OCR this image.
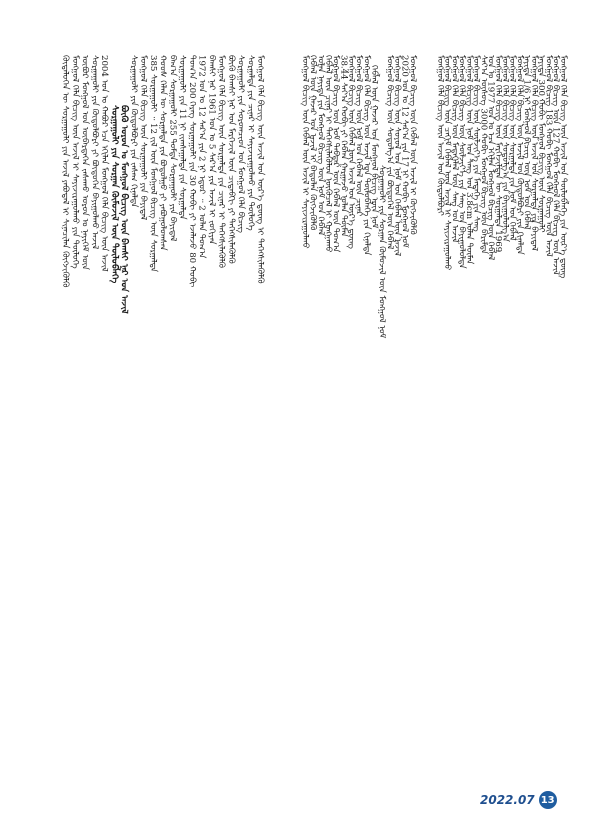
ᠬᠥᠳᠡᠯᠦᠭᠡᠨ ᠦ ᠰᠤᠷᠭᠠᠭᠤᠯᠢ ᠶᠢᠨ ᠠᠵᠢᠯ ᠶᠠᠪᠤᠳᠠᠯ ᠢ ᠰᠢᠨᠡᠴᠢᠯᠡᠨ ᠬᠥᠭᠵᠢᠭᠦᠯᠬᠦ ᠮᠣᠩᠭᠣᠯ ᠬᠡᠯᠡ ᠪᠢᠴᠢᠭ ᠦᠨ ᠠᠵᠢᠯ ᠢ ᠰᠠᠶᠢᠵᠢᠷᠠᠭᠤᠯᠬᠤ ᠶᠢᠨ ᠲᠥᠯᠦᠭᠡ ᠥᠪᠦᠷ ᠮᠣᠩᠭᠣᠯ ᠤᠨ ᠥᠪᠡᠷᠲᠡᠭᠡᠨ ᠵᠠᠰᠠᠬᠤ ᠣᠷᠤᠨ ᠤ ᠨᠡᠶᠢᠭᠡᠮ ᠦᠨ ᠰᠤᠷᠭᠠᠭᠤᠯᠢ ᠶᠢᠨ ᠬᠥᠲᠦᠯᠪᠦᠷᠢ ᠶᠢ ᠪᠦᠲᠦᠭᠡᠨ ᠪᠠᠶᠢᠭᠤᠯᠬᠤ ᠠᠵᠢᠯ 2004 ᠣᠨ ᠤ ᠬᠠᠪᠤᠷ ᠡᠴᠡ ᠡᠬᠢᠯᠡᠨ ᠮᠣᠩᠭᠣᠯ ᠬᠡᠯᠡ ᠪᠢᠴᠢᠭ ᠦᠨ ᠠᠵᠢᠯ ᠰᠤᠷᠭᠠᠭᠤᠯᠢ ᠶᠢᠨ ᠰᠤᠷᠭᠠᠨ ᠬᠥᠮᠦᠵᠢᠯ ᠦᠨ ᠲᠥᠯᠦᠪᠯᠡᠭᠡ ᠪᠦᠬᠦ ᠣᠷᠤᠨ ᠤ ᠮᠣᠩᠭᠣᠯ ᠪᠢᠴᠢᠭ ᠦᠨ ᠪᠠᠭᠰᠢ ᠨᠠᠷ ᠤᠨ ᠠᠵᠢᠯ ᠰᠤᠷᠭᠠᠭᠤᠯᠢ ᠶᠢᠨ ᠬᠥᠲᠦᠯᠪᠦᠷᠢ ᠶᠢᠨ ᠵᠠᠰᠠᠭ ᠬᠢᠨᠠᠯᠲᠠ ᠮᠣᠩᠭᠣᠯ ᠬᠡᠯᠡ ᠪᠢᠴᠢᠭ ᠦᠨ ᠰᠤᠷᠭᠠᠭᠤᠯᠢ ᠶᠢᠨ ᠪᠠᠶᠢᠳᠠᠯ 385 ᠰᠤᠷᠭᠠᠭᠤᠯᠢ ᠃ 12 ᠵᠢᠯ ᠦᠨ ᠮᠣᠩᠭᠣᠯ ᠪᠢᠴᠢᠭ ᠦᠨ ᠰᠤᠷᠭᠠᠯᠲᠠ ᠬᠣᠣᠰ ᠬᠡᠯᠡᠨ ᠦ ᠰᠤᠷᠭᠠᠯᠲᠠ ᠶᠢᠨ ᠪᠣᠳᠣᠯᠭᠣ ᠶᠢ ᠶᠠᠪᠤᠭᠤᠯᠤᠭᠰᠠᠨ ᠪᠠᠭ᠎ᠠ ᠰᠤᠷᠭᠠᠭᠤᠯᠢ 255 ᠳᠤᠮᠳᠠ ᠰᠤᠷᠭᠠᠭᠤᠯᠢ ᠶᠢᠨ ᠪᠠᠶᠢᠳᠠᠯ ᠰᠤᠷᠭᠠᠭᠤᠯᠢ ᠶᠢᠨ 11 ᠨᠢ ᠵᠢᠭᠰᠠᠭᠠᠯᠲᠠ ᠶᠢᠨ ᠰᠤᠷᠭᠠᠯᠲᠠ ᠲᠣᠭ᠎ᠠ 200 ᠬᠡᠷᠡᠭ ᠰᠤᠷᠭᠠᠭᠤᠯᠢ ᠶᠢᠨ 30 ᠬᠤᠪᠢ ᠶᠢ ᠡᠵᠡᠯᠡᠵᠦ 80 ᠬᠤᠪᠢ 1972 ᠣᠨ ᠤ 12 ᠰᠠᠷ᠎ᠠ ᠶᠢᠨ 2 ᠨᠢ ᠡᠳᠦᠷ ᠃ 2 ᠣᠯᠠᠨ ᠲᠣᠭ᠎ᠠ ᠪᠠᠭᠰᠢ ᠨᠠᠷ 1961 ᠣᠨ ᠤ 5 ᠰᠠᠷ᠎ᠠ ᠶᠢᠨ ᠠᠵᠢᠯ ᠢ ᠵᠣᠬᠢᠶᠠᠨ ᠮᠣᠩᠭᠣᠯ ᠬᠡᠯᠡ ᠪᠢᠴᠢᠭ ᠦᠨ ᠰᠤᠷᠭᠠᠯᠲᠠ ᠶᠢᠨ ᠴᠢᠨᠠᠷ ᠢ ᠳᠡᠭᠡᠭᠰᠢᠯᠡᠭᠦᠯᠬᠦ ᠪᠦᠬᠦ ᠪᠠᠭᠰᠢ ᠨᠠᠷ ᠤᠨ ᠮᠡᠷᠭᠡᠵᠢᠯ ᠦᠨ ᠴᠢᠳᠠᠪᠬᠢ ᠶᠢ ᠳᠡᠭᠡᠭᠰᠢᠯᠡᠭᠦᠯᠬᠦ ᠰᠤᠷᠭᠠᠭᠤᠯᠢ ᠶᠢᠨ ᠰᠤᠷᠤᠭᠴᠢᠳ ᠤᠨ ᠮᠣᠩᠭᠣᠯ ᠬᠡᠯᠡ ᠪᠢᠴᠢᠭ ᠰᠤᠷᠭᠠᠯᠲᠠ ᠶᠢᠨ ᠴᠢᠨᠠᠷ ᠢ ᠰᠠᠶᠢᠵᠢᠷᠠᠭᠤᠯᠬᠤ ᠶᠢᠨ ᠲᠥᠯᠦᠭᠡ ᠮᠣᠩᠭᠣᠯ ᠬᠡᠯᠡ ᠪᠢᠴᠢᠭ ᠦᠨ ᠠᠵᠢᠯ ᠤᠨ ᠦᠷ᠎ᠡ ᠳ᠋ᠦᠩ ᠢ ᠳᠡᠭᠡᠭᠰᠢᠯᠡᠭᠦᠯᠬᠦ	ᠮᠣᠩᠭᠣᠯ ᠪᠢᠴᠢᠭ ᠦᠨ ᠬᠡᠪᠯᠡᠯ ᠦᠨ ᠠᠵᠢᠯ ᠢ ᠰᠠᠶᠢᠵᠢᠷᠠᠭᠤᠯᠬᠤ
ᠬᠡᠪᠯᠡᠯ ᠦᠨ ᠭᠠᠵᠠᠷ ᠤᠨ ᠠᠵᠢᠯ ᠢ ᠪᠠᠲᠤᠯᠠᠨ ᠬᠥᠭᠵᠢᠭᠦᠯᠬᠦ
ᠣᠯᠠᠨ ᠨᠡᠶᠢᠲᠡ ᠶᠢᠨ ᠮᠣᠩᠭᠣᠯ ᠪᠢᠴᠢᠭ ᠦᠨ ᠨᠣᠮ ᠤᠨ ᠬᠡᠪᠯᠡᠯ
ᠬᠡᠪᠯᠡᠯ ᠦᠨ ᠴᠢᠨᠠᠷ ᠢ ᠳᠡᠭᠡᠭᠰᠢᠯᠡᠭᠦᠯᠦᠨ ᠨᠥᠭᠦᠴᠡᠯ ᠢ ᠬᠠᠩᠭᠠᠬᠤ
ᠮᠣᠩᠭᠣᠯ ᠪᠢᠴᠢᠭ ᠦᠨ ᠨᠣᠮ ᠳᠡᠪᠲᠡᠷ ᠦᠨ ᠬᠡᠪᠯᠡᠯ ᠦᠨ ᠲᠣᠭ᠎ᠠ
38.44 ᠰᠠᠶ᠎ᠠ ᠬᠤᠪᠢ ᠶᠢ ᠬᠡᠪᠯᠡᠨ ᠭᠠᠷᠭᠠᠵᠤ ᠣᠯᠠᠨ ᠲᠦᠮᠡᠨ
ᠮᠣᠩᠭᠣᠯ ᠪᠢᠴᠢᠭ ᠦᠨ ᠬᠡᠪᠯᠡᠯ ᠦᠨ ᠠᠵᠢᠯ ᠤᠨ ᠦᠷ᠎ᠡ ᠳ᠋ᠦᠩ
ᠮᠣᠩᠭᠣᠯ ᠪᠢᠴᠢᠭ ᠦᠨ ᠨᠣᠮ ᠤᠨ ᠬᠡᠪᠯᠡᠯ ᠦᠨ ᠴᠢᠨᠠᠷ
ᠮᠣᠩᠭᠣᠯ ᠬᠡᠯᠡ ᠪᠢᠴᠢᠭ ᠦᠨ ᠠᠵᠢᠯ ᠤᠨ ᠲᠥᠯᠦᠪᠯᠡᠭᠡ ᠶᠢᠨ ᠬᠢᠨᠠᠯᠲᠠ
ᠬᠡᠪᠯᠡᠯ ᠦᠨ ᠭᠠᠵᠠᠷ ᠤᠨ ᠮᠣᠩᠭᠣᠯ ᠪᠢᠴᠢᠭ ᠦᠨ ᠨᠣᠮ
ᠰᠤᠷᠭᠠᠭᠤᠯᠢ ᠶᠢᠨ ᠰᠤᠷᠭᠠᠨ ᠬᠥᠮᠦᠵᠢᠯ ᠦᠨ ᠮᠣᠩᠭᠣᠯ ᠨᠣᠮ
ᠮᠣᠩᠭᠣᠯ ᠪᠢᠴᠢᠭ ᠦᠨ ᠰᠤᠳᠤᠯᠭ᠎ᠠ ᠶᠢᠨ ᠪᠦᠲᠦᠭᠡᠯ ᠦᠨ ᠬᠡᠪᠯᠡᠯ
ᠮᠣᠩᠭᠣᠯ ᠪᠢᠴᠢᠭ ᠦᠨ ᠰᠣᠶᠣᠯ ᠤᠨ ᠨᠣᠮ ᠤᠨ ᠬᠡᠪᠯᠡᠯ ᠦᠨ ᠠᠵᠢᠯ
2020 ᠣᠨ ᠤ 12 ᠰᠠᠷ᠎ᠠ ᠶᠢᠨ 17 ᠨᠢ ᠬᠤᠪᠢ ᠮᠣᠩᠭᠣᠯ ᠨᠣᠮ
ᠮᠣᠩᠭᠣᠯ ᠪᠢᠴᠢᠭ ᠦᠨ ᠬᠡᠪᠯᠡᠯ ᠦᠨ ᠠᠵᠢᠯ ᠢ ᠬᠥᠭᠵᠢᠭᠦᠯᠬᠦ ᠮᠣᠩᠭᠣᠯ ᠬᠡᠯᠡ ᠪᠢᠴᠢᠭ ᠦᠨ ᠠᠵᠢᠯ ᠤᠨ ᠬᠥᠲᠦᠯᠪᠦᠷᠢ
ᠮᠣᠩᠭᠣᠯ ᠪᠢᠴᠢᠭ ᠦᠨ ᠴᠠᠬᠢᠮ ᠬᠡᠪᠯᠡᠯ ᠦᠨ ᠠᠵᠢᠯ ᠢ ᠰᠠᠶᠢᠵᠢᠷᠠᠭᠤᠯᠬᠤ
ᠮᠣᠩᠭᠣᠯ ᠬᠡᠯᠡ ᠪᠢᠴᠢᠭ ᠦᠨ ᠮᠡᠳᠡᠭᠡᠯᠡᠯ ᠦᠨ ᠰᠠᠩ ᠤᠨ ᠠᠵᠢᠯ
ᠮᠣᠩᠭᠣᠯ ᠬᠡᠯᠡ ᠪᠢᠴᠢᠭ ᠦᠨ ᠰᠦᠯᠵᠢᠶ᠎ᠡ ᠶᠢᠨ ᠰᠠᠩ ᠤᠨ ᠪᠠᠶᠢᠭᠤᠯᠤᠯᠲᠠ
ᠮᠣᠩᠭᠣᠯ ᠪᠢᠴᠢᠭ ᠦᠨ ᠨᠣᠮ ᠤᠨ ᠰᠠᠩ ᠤᠨ 3.8cm ᠣᠯᠠᠨ ᠲᠦᠮᠡᠨ
ᠮᠣᠩᠭᠣᠯ ᠪᠢᠴᠢᠭ ᠦᠨ ᠰᠦᠯᠵᠢᠶ᠎ᠡ ᠶᠢᠨ ᠮᠡᠳᠡᠭᠡ ᠶᠢᠨ ᠰᠠᠩ
ᠰᠠᠶ᠎ᠠ ᠦᠰᠦᠭ 3000 ᠬᠤᠪᠢ ᠮᠣᠩᠭᠣᠯ ᠪᠢᠴᠢᠭ ᠦᠨ ᠪᠠᠷᠢᠮᠲᠠ
ᠣᠨ ᠤ 1977 ᠣᠨ ᠤ ᠡᠴᠡ ᠡᠬᠢᠯᠡᠨ ᠮᠣᠩᠭᠣᠯ ᠪᠢᠴᠢᠭ ᠦᠨ ᠬᠡᠪᠯᠡᠯ
ᠮᠣᠩᠭᠣᠯ ᠬᠡᠯᠡ ᠪᠢᠴᠢᠭ ᠦᠨ ᠮᠡᠷᠭᠡᠵᠢᠯᠲᠡᠨ ᠦ ᠰᠤᠷᠭᠠᠯᠲᠠ 1969
ᠮᠣᠩᠭᠣᠯ ᠬᠡᠯᠡ ᠪᠢᠴᠢᠭ ᠦᠨ ᠰᠤᠳᠤᠯᠭ᠎ᠠ ᠶᠢᠨ ᠪᠠᠶᠢᠭᠤᠯᠤᠯᠭ᠎ᠠ
ᠮᠣᠩᠭᠣᠯ ᠬᠡᠯᠡ ᠪᠢᠴᠢᠭ ᠦᠨ ᠰᠤᠷᠭᠠᠯᠲᠠ ᠶᠢᠨ ᠨᠣᠮ ᠤᠨ ᠬᠡᠪᠯᠡᠯ
ᠮᠣᠩᠭᠣᠯ ᠬᠡᠯᠡ ᠪᠢᠴᠢᠭ ᠦᠨ ᠠᠵᠢᠯ ᠤᠨ ᠬᠥᠲᠦᠯᠪᠦᠷᠢ ᠶᠢᠨ ᠬᠢᠨᠠᠯᠲᠠ
ᠨᠡᠶᠢᠲᠡ 1/6 ᠨᠢ ᠮᠣᠩᠭᠣᠯ ᠪᠢᠴᠢᠭ ᠦᠨ ᠨᠣᠮ ᠤᠨ ᠬᠡᠪᠯᠡᠯ
ᠮᠣᠩᠭᠣᠯ ᠬᠡᠯᠡ ᠪᠢᠴᠢᠭ ᠦᠨ ᠠᠵᠢᠯ ᠤᠨ ᠰᠤᠷᠭᠠᠯᠲᠠ ᠶᠢᠨ ᠪᠠᠶᠢᠳᠠᠯ
ᠨᠡᠶᠢᠲᠡ 300 ᠬᠤᠪᠢ ᠮᠣᠩᠭᠣᠯ ᠪᠢᠴᠢᠭ ᠦᠨ ᠰᠤᠷᠭᠠᠭᠤᠯᠢ
ᠮᠣᠩᠭᠣᠯ ᠪᠢᠴᠢᠭ 183 ᠬᠤᠪᠢ ᠮᠣᠩᠭᠣᠯ ᠬᠡᠯᠡ ᠪᠢᠴᠢᠭ ᠦᠨ ᠠᠵᠢᠯ
ᠮᠣᠩᠭᠣᠯ ᠪᠢᠴᠢᠭ ᠦᠨ 127 ᠬᠤᠪᠢ ᠮᠣᠩᠭᠣᠯ ᠬᠡᠯᠡ ᠪᠢᠴᠢᠭ ᠦᠨ ᠠᠵᠢᠯ
ᠮᠣᠩᠭᠣᠯ ᠬᠡᠯᠡ ᠪᠢᠴᠢᠭ ᠦᠨ ᠠᠵᠢᠯ ᠤᠨ ᠲᠥᠯᠦᠪᠯᠡᠭᠡ ᠶᠢᠨ ᠦᠷ᠎ᠡ ᠳ᠋ᠦᠩ
2022.07 13
